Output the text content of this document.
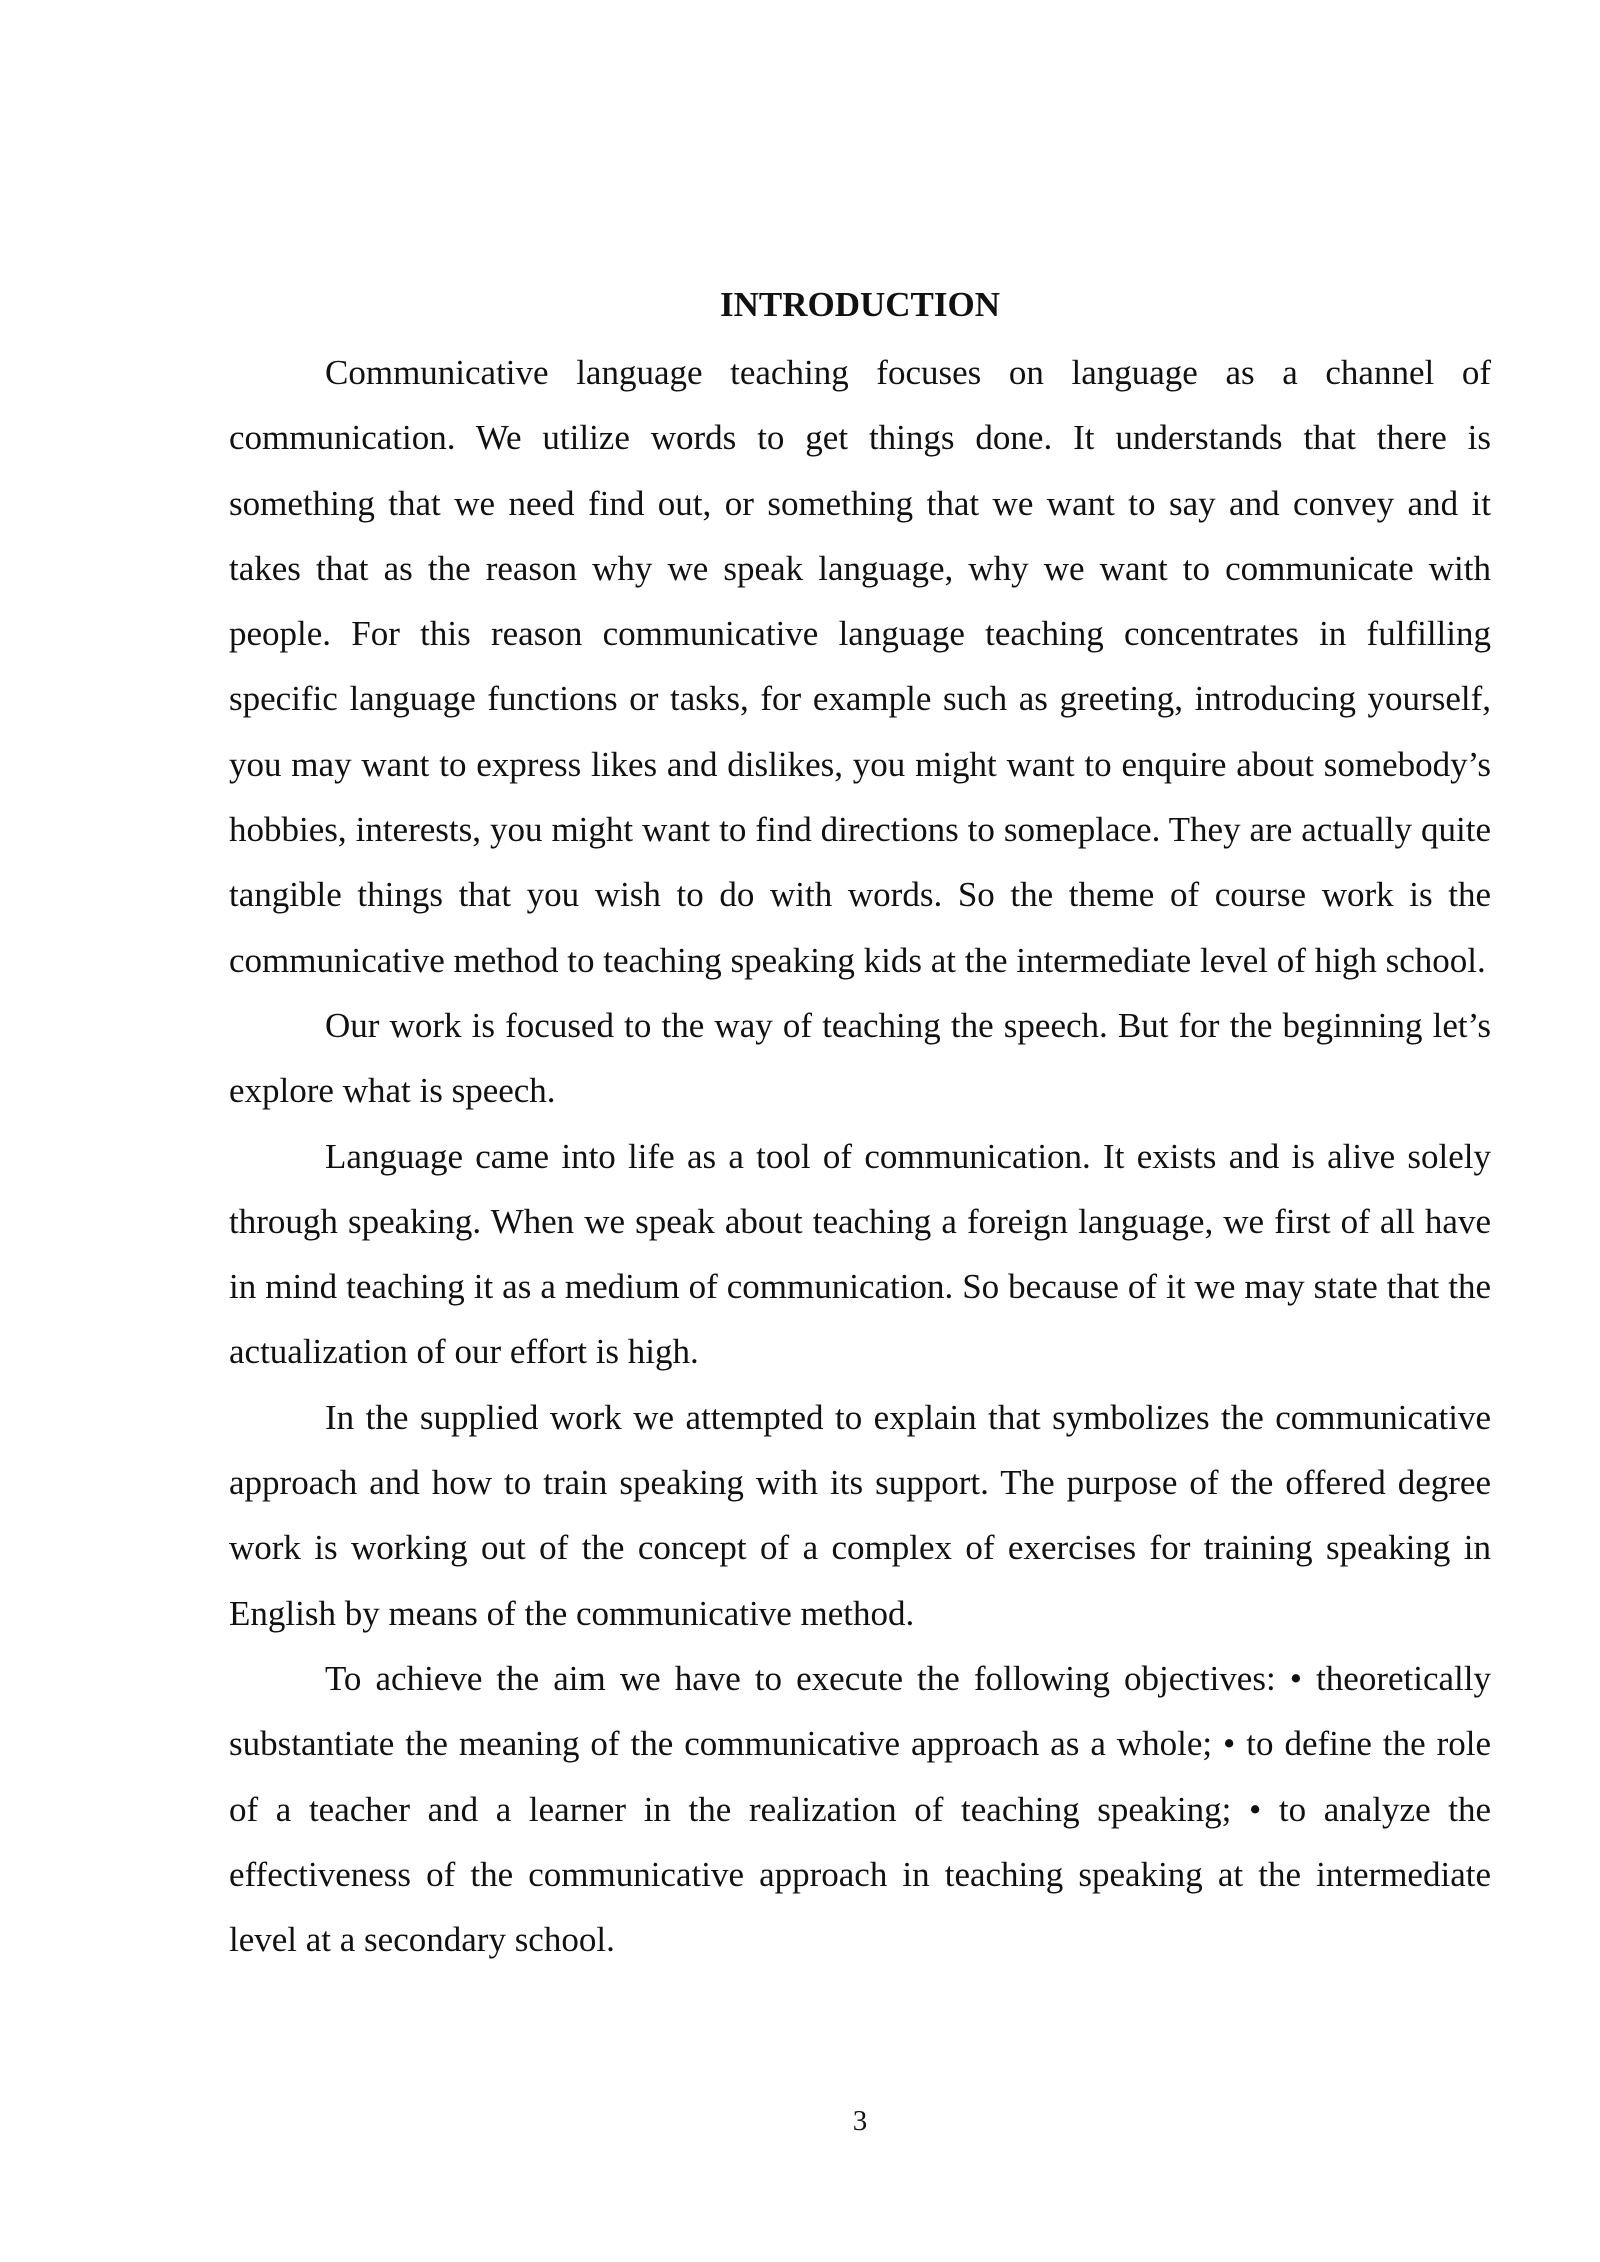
INTRODUCTION

Communicative language teaching focuses on language as a channel of communication. We utilize words to get things done. It understands that there is something that we need find out, or something that we want to say and convey and it takes that as the reason why we speak language, why we want to communicate with people. For this reason communicative language teaching concentrates in fulfilling specific language functions or tasks, for example such as greeting, introducing yourself, you may want to express likes and dislikes, you might want to enquire about somebody’s hobbies, interests, you might want to find directions to someplace. They are actually quite tangible things that you wish to do with words. So the theme of course work is the communicative method to teaching speaking kids at the intermediate level of high school.

Our work is focused to the way of teaching the speech. But for the beginning let’s explore what is speech.

Language came into life as a tool of communication. It exists and is alive solely through speaking. When we speak about teaching a foreign language, we first of all have in mind teaching it as a medium of communication. So because of it we may state that the actualization of our effort is high.

In the supplied work we attempted to explain that symbolizes the communicative approach and how to train speaking with its support. The purpose of the offered degree work is working out of the concept of a complex of exercises for training speaking in English by means of the communicative method.

To achieve the aim we have to execute the following objectives: • theoretically substantiate the meaning of the communicative approach as a whole; • to define the role of a teacher and a learner in the realization of teaching speaking; • to analyze the effectiveness of the communicative approach in teaching speaking at the intermediate level at a secondary school.

3
